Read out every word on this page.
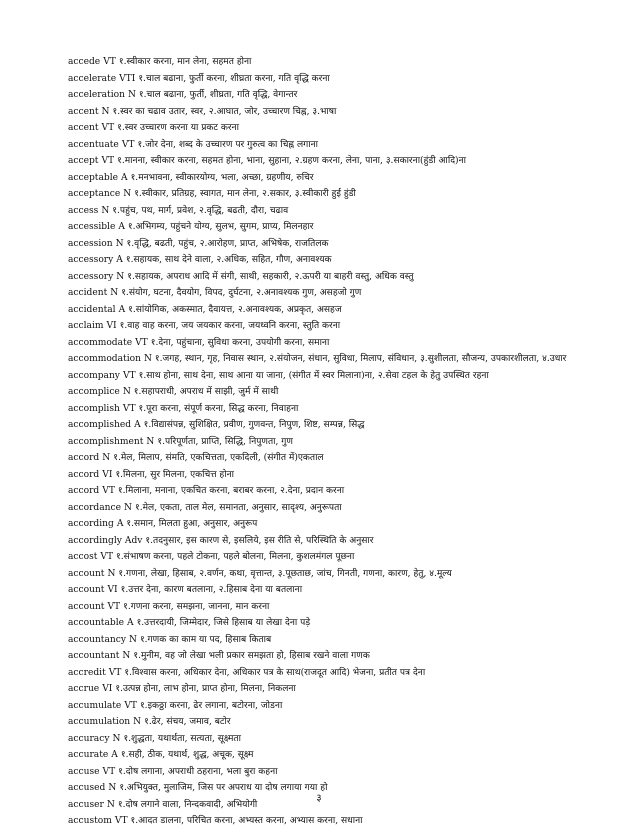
accede VT १.स्वीकार करना, मान लेना, सहमत होना
accelerate VTI १.चाल बढाना, फुर्ती करना, शीघ्रता करना, गति वृद्धि करना
acceleration N १.चाल बढाना, फुर्ती, शीघ्रता, गति वृद्धि, वेगान्तर
accent N १.स्वर का चढाव उतार, स्वर, २.आघात, जोर, उच्चारण चिह्न, ३.भाषा
accent VT १.स्वर उच्चारण करना या प्रकट करना
accentuate VT १.जोर देना, शब्द के उच्चारण पर गुरुत्व का चिह्न लगाना
accept VT १.मानना, स्वीकार करना, सहमत होना, भाना, सुहाना, २.ग्रहण करना, लेना, पाना, ३.सकारना(हुंडी आदि)ना
acceptable A १.मनभावना, स्वीकारयोग्य, भला, अच्छा, ग्रहणीय, रुचिर
acceptance N १.स्वीकार, प्रतिग्रह, स्वागत, मान लेना, २.सकार, ३.स्वीकारी हुई हुंडी
access N १.पहुंच, पथ, मार्ग, प्रवेश, २.वृद्धि, बढती, दौरा, चढाव
accessible A १.अभिगम्य, पहुंचने योग्य, सुलभ, सुगम, प्राप्य, मिलनहार
accession N १.वृद्धि, बढती, पहुंच, २.आरोहण, प्राप्त, अभिषेक, राजतिलक
accessory A १.सहायक, साथ देने वाला, २.अधिक, सहित, गौण, अनावश्यक
accessory N १.सहायक, अपराध आदि में संगी, साथी, सहकारी, २.ऊपरी या बाहरी वस्तु, अधिक वस्तु
accident N १.संयोग, घटना, दैवयोग, विपद, दुर्घटना, २.अनावश्यक गुण, असहजो गुण
accidental A १.सांयोगिक, अकस्मात, दैवायत्त, २.अनावश्यक, अप्रकृत, असहज
acclaim VI १.वाह वाह करना, जय जयकार करना, जयध्वनि करना, स्तुति करना
accommodate VT १.देना, पहुंचाना, सुविधा करना, उपयोगी करना, समाना
accommodation N १.जगह, स्थान, गृह, निवास स्थान, २.संयोजन, संधान, सुविधा, मिलाप, संविधान, ३.सुशीलता, सौजन्य, उपकारशीलता, ४.उधार
accompany VT १.साथ होना, साथ देना, साथ आना या जाना, (संगीत में स्वर मिलाना)ना, २.सेवा टहल के हेतु उपस्थित रहना
accomplice N १.सहापराधी, अपराध में साझी, जुर्म में साथी
accomplish VT १.पूरा करना, संपूर्ण करना, सिद्ध करना, निवाहना
accomplished A १.विद्यासंपन्न, सुशिक्षित, प्रवीण, गुणवन्त, निपुण, शिष्ट, सम्पन्न, सिद्ध
accomplishment N १.परिपूर्णता, प्राप्ति, सिद्धि, निपुणता, गुण
accord N १.मेल, मिलाप, संमति, एकचित्तता, एकदिली, (संगीत में)एकताल
accord VI १.मिलना, सुर मिलना, एकचित्त होना
accord VT १.मिलाना, मनाना, एकचित करना, बराबर करना, २.देना, प्रदान करना
accordance N १.मेल, एकता, ताल मेल, समानता, अनुसार, सादृश्य, अनुरूपता
according A १.समान, मिलता हुआ, अनुसार, अनुरूप
accordingly Adv १.तदनुसार, इस कारण से, इसलिये, इस रीति से, परिस्थिति के अनुसार
accost VT १.संभाषण करना, पहले टोकना, पहले बोलना, मिलना, कुशलमंगल पूछना
account N १.गणना, लेखा, हिसाब, २.वर्णन, कथा, वृत्तान्त, ३.पूछताछ, जांच, गिनती, गणना, कारण, हेतु, ४.मूल्य
account VI १.उत्तर देना, कारण बतलाना, २.हिसाब देना या बतलाना
account VT १.गणना करना, समझना, जानना, मान करना
accountable A १.उत्तरदायी, जिम्मेदार, जिसे हिसाब या लेखा देना पड़े
accountancy N १.गणक का काम या पद, हिसाब किताब
accountant N १.मुनीम, वह जो लेखा भली प्रकार समझता हो, हिसाब रखने वाला गणक
accredit VT १.विश्वास करना, अधिकार देना, अधिकार पत्र के साथ(राजदूत आदि) भेजना, प्रतीत पत्र देना
accrue VI १.उत्पन्न होना, लाभ होना, प्राप्त होना, मिलना, निकलना
accumulate VT १.इकठ्ठा करना, ढेर लगाना, बटोरना, जोडना
accumulation N १.ढेर, संचय, जमाव, बटोर
accuracy N १.शुद्धता, यथार्थता, सत्यता, सूक्ष्मता
accurate A १.सही, ठीक, यथार्थ, शुद्ध, अचूक, सूक्ष्म
accuse VT १.दोष लगाना, अपराधी ठहराना, भला बुरा कहना
accused N १.अभियुक्त, मुलाजिम, जिस पर अपराध या दोष लगाया गया हो
accuser N १.दोष लगाने वाला, निन्दकवादी, अभियोगी
accustom VT १.आदत डालना, परिचित करना, अभ्यस्त करना, अभ्यास करना, सधाना
३
